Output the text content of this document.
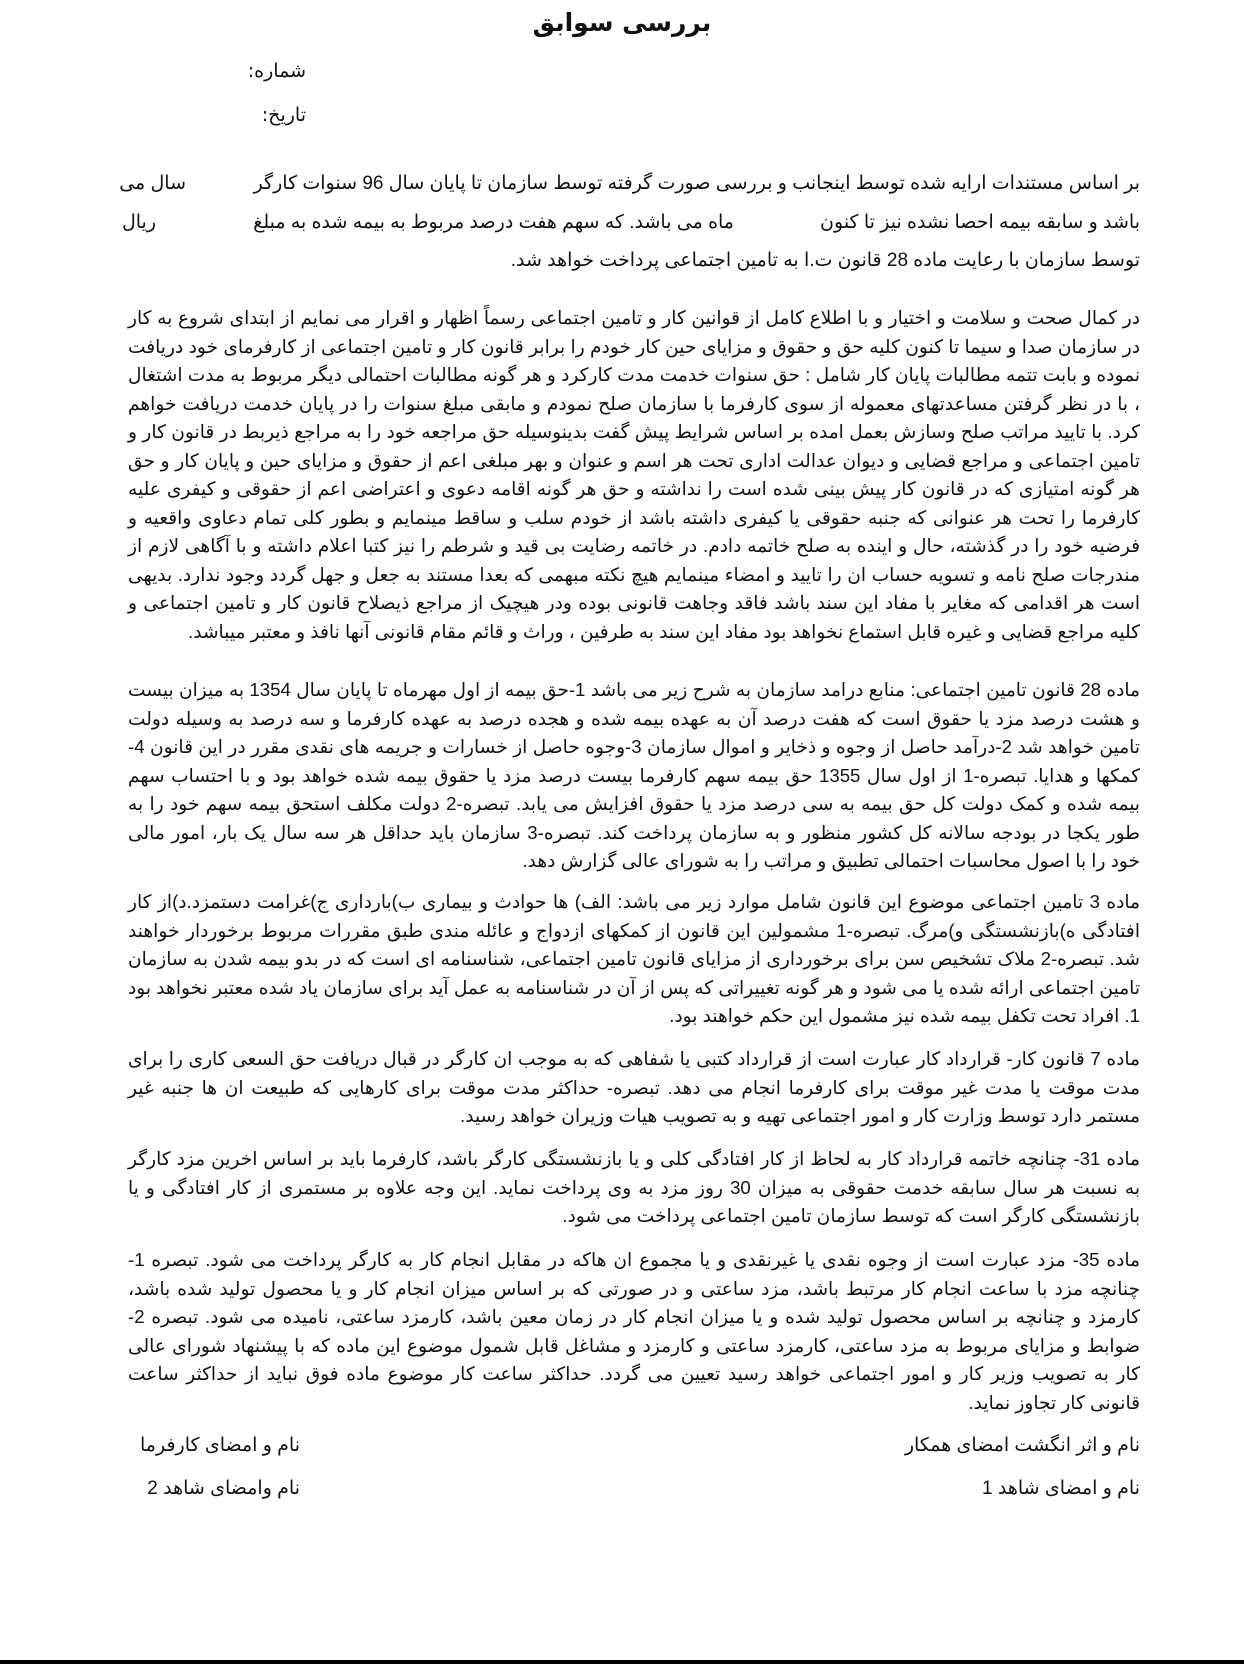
بررسی سوابق
شماره:
تاریخ:
بر اساس مستندات ارایه شده توسط اینجانب و بررسی صورت گرفته توسط سازمان تا پایان سال 96 سنوات کارگر
سال می
باشد و سابقه بیمه احصا نشده نیز تا کنون
ماه می باشد. که سهم هفت درصد مربوط به بیمه شده به مبلغ
ریال
توسط سازمان با رعایت ماده 28 قانون ت.ا به تامین اجتماعی پرداخت خواهد شد.

در کمال صحت و سلامت و اختیار و با اطلاع کامل از قوانین کار و تامین اجتماعی رسماً اظهار و اقرار می نمایم از ابتدای شروع به کار در سازمان صدا و سیما تا کنون کلیه حق و حقوق و مزایای حین کار خودم را برابر قانون کار و تامین اجتماعی از کارفرمای خود دریافت نموده و بابت تتمه مطالبات پایان کار شامل : حق سنوات خدمت مدت کارکرد و هر گونه مطالبات احتمالی دیگر مربوط به مدت اشتغال ، با در نظر گرفتن مساعدتهای معموله از سوی کارفرما با سازمان صلح نمودم و مابقی مبلغ سنوات را در پایان خدمت دریافت خواهم کرد. با تایید مراتب صلح وسازش بعمل امده بر اساس شرایط پیش گفت بدینوسیله حق مراجعه خود را به مراجع ذیربط در قانون کار و تامین اجتماعی و مراجع قضایی و دیوان عدالت اداری تحت هر اسم و عنوان و بهر مبلغی اعم از حقوق و مزایای حین و پایان کار و حق هر گونه امتیازی که در قانون کار پیش بینی شده است را نداشته و حق هر گونه اقامه دعوی و اعتراضی اعم از حقوقی و کیفری علیه کارفرما را تحت هر عنوانی که جنبه حقوقی یا کیفری داشته باشد از خودم سلب و ساقط مینمایم و بطور کلی تمام دعاوی واقعیه و فرضیه خود را در گذشته، حال و اینده به صلح خاتمه دادم. در خاتمه رضایت بی قید و شرطم را نیز کتبا اعلام داشته و با آگاهی لازم از مندرجات صلح نامه و تسویه حساب ان را تایید و امضاء مینمایم هیچ نکته مبهمی که بعدا مستند به جعل و جهل گردد وجود ندارد. بدیهی است هر اقدامی که مغایر با مفاد این سند باشد فاقد وجاهت قانونی بوده ودر هیچیک از مراجع ذیصلاح قانون کار و تامین اجتماعی و کلیه مراجع قضایی و غیره قابل استماع نخواهد بود مفاد این سند به طرفین ، وراث و قائم مقام قانونی آنها نافذ و معتبر میباشد.

ماده 28 قانون تامین اجتماعی: منابع درامد سازمان به شرح زیر می باشد 1-حق بیمه از اول مهرماه تا پایان سال 1354 به میزان بیست و هشت درصد مزد یا حقوق است که هفت درصد آن به عهده بیمه شده و هجده درصد به عهده کارفرما و سه درصد به وسیله دولت تامین خواهد شد 2-درآمد حاصل از وجوه و ذخایر و اموال سازمان 3-وجوه حاصل از خسارات و جریمه های نقدی مقرر در این قانون 4-کمکها و هدایا. تبصره-1 از اول سال 1355 حق بیمه سهم کارفرما بیست درصد مزد یا حقوق بیمه شده خواهد بود و با احتساب سهم بیمه شده و کمک دولت کل حق بیمه به سی درصد مزد یا حقوق افزایش می یابد. تبصره-2 دولت مکلف استحق بیمه سهم خود را به طور یکجا در بودجه سالانه کل کشور منظور و به سازمان پرداخت کند. تبصره-3 سازمان باید حداقل هر سه سال یک بار، امور مالی خود را با اصول محاسبات احتمالی تطبیق و مراتب را به شورای عالی گزارش دهد.

ماده 3 تامین اجتماعی موضوع این قانون شامل موارد زیر می باشد: الف) ها حوادث و بیماری ب)بارداری ج)غرامت دستمزد.د)از کار افتادگی ه)بازنشستگی و)مرگ. تبصره-1 مشمولین این قانون از کمکهای ازدواج و عائله مندی طبق مقررات مربوط برخوردار خواهند شد. تبصره-2 ملاک تشخیص سن برای برخورداری از مزایای قانون تامین اجتماعی، شناسنامه ای است که در بدو بیمه شدن به سازمان تامین اجتماعی ارائه شده یا می شود و هر گونه تغییراتی که پس از آن در شناسنامه به عمل آید برای سازمان یاد شده معتبر نخواهد بود 1. افراد تحت تکفل بیمه شده نیز مشمول این حکم خواهند بود.

ماده 7 قانون کار- قرارداد کار عبارت است از قرارداد کتبی یا شفاهی که به موجب ان کارگر در قبال دریافت حق السعی کاری را برای مدت موقت یا مدت غیر موقت برای کارفرما انجام می دهد. تبصره- حداکثر مدت موقت برای کارهایی که طبیعت ان ها جنبه غیر مستمر دارد توسط وزارت کار و امور اجتماعی تهیه و به تصویب هیات وزیران خواهد رسید.

ماده 31- چنانچه خاتمه قرارداد کار به لحاظ از کار افتادگی کلی و یا بازنشستگی کارگر باشد، کارفرما باید بر اساس اخرین مزد کارگر به نسبت هر سال سابقه خدمت حقوقی به میزان 30 روز مزد به وی پرداخت نماید. این وجه علاوه بر مستمری از کار افتادگی و یا بازنشستگی کارگر است که توسط سازمان تامین اجتماعی پرداخت می شود.

ماده 35- مزد عبارت است از وجوه نقدی یا غیرنقدی و یا مجموع ان هاکه در مقابل انجام کار به کارگر پرداخت می شود. تبصره 1- چنانچه مزد با ساعت انجام کار مرتبط باشد، مزد ساعتی و در صورتی که بر اساس میزان انجام کار و یا محصول تولید شده باشد، کارمزد و چنانچه بر اساس محصول تولید شده و یا میزان انجام کار در زمان معین باشد، کارمزد ساعتی، نامیده می شود. تبصره 2- ضوابط و مزایای مربوط به مزد ساعتی، کارمزد ساعتی و کارمزد و مشاغل قابل شمول موضوع این ماده که با پیشنهاد شورای عالی کار به تصویب وزیر کار و امور اجتماعی خواهد رسید تعیین می گردد. حداکثر ساعت کار موضوع ماده فوق نباید از حداکثر ساعت قانونی کار تجاوز نماید.

نام و اثر انگشت امضای همکار
نام و امضای کارفرما
نام و امضای شاهد 1
نام وامضای شاهد 2
